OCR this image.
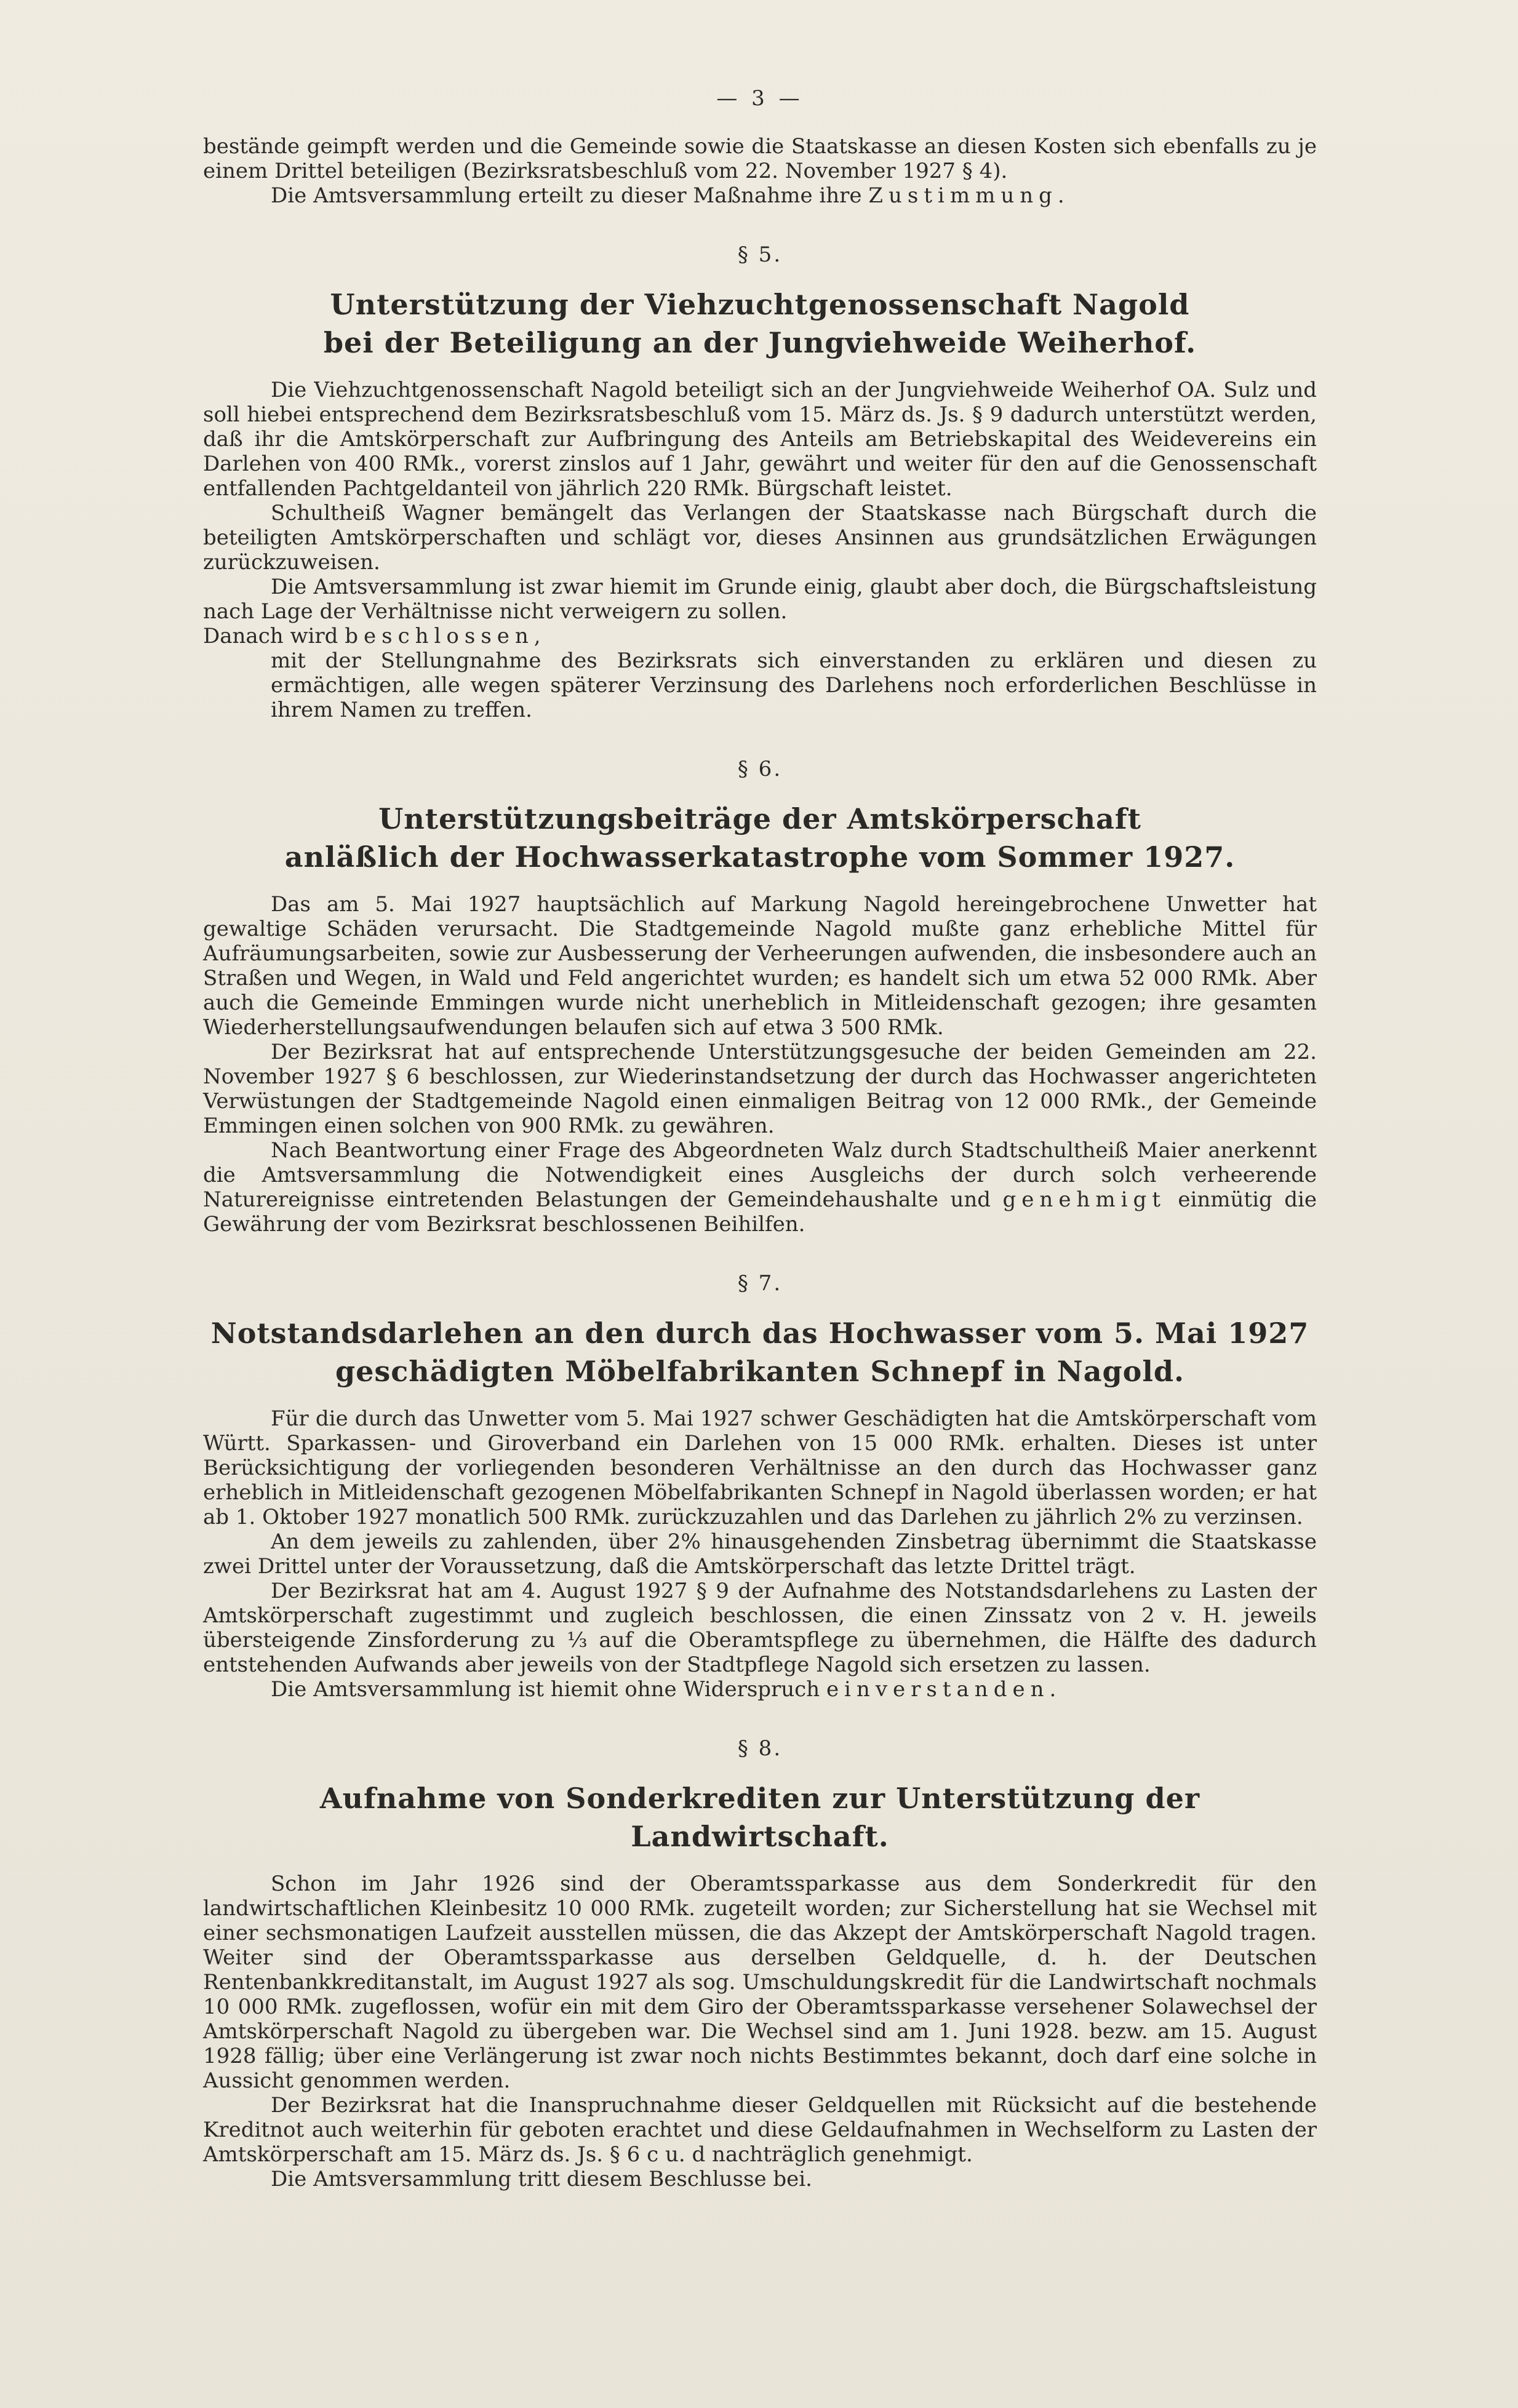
— 3 —

bestände geimpft werden und die Gemeinde sowie die Staatskasse an diesen Kosten sich ebenfalls zu je einem Drittel beteiligen (Bezirksratsbeschluß vom 22. November 1927 § 4).

Die Amtsversammlung erteilt zu dieser Maßnahme ihre Zustimmung.

§ 5.
Unterstützung der Viehzuchtgenossenschaft Nagold
bei der Beteiligung an der Jungviehweide Weiherhof.

Die Viehzuchtgenossenschaft Nagold beteiligt sich an der Jungviehweide Weiherhof OA. Sulz und soll hiebei entsprechend dem Bezirksratsbeschluß vom 15. März ds. Js. § 9 dadurch unterstützt werden, daß ihr die Amtskörperschaft zur Aufbringung des Anteils am Betriebskapital des Weidevereins ein Darlehen von 400 RMk., vorerst zinslos auf 1 Jahr, gewährt und weiter für den auf die Genossenschaft entfallenden Pachtgeldanteil von jährlich 220 RMk. Bürgschaft leistet.

Schultheiß Wagner bemängelt das Verlangen der Staatskasse nach Bürgschaft durch die beteiligten Amtskörperschaften und schlägt vor, dieses Ansinnen aus grundsätzlichen Erwägungen zurückzuweisen.

Die Amtsversammlung ist zwar hiemit im Grunde einig, glaubt aber doch, die Bürgschaftsleistung nach Lage der Verhältnisse nicht verweigern zu sollen.

Danach wird beschlossen,

mit der Stellungnahme des Bezirksrats sich einverstanden zu erklären und diesen zu ermächtigen, alle wegen späterer Verzinsung des Darlehens noch erforderlichen Beschlüsse in ihrem Namen zu treffen.

§ 6.
Unterstützungsbeiträge der Amtskörperschaft
anläßlich der Hochwasserkatastrophe vom Sommer 1927.

Das am 5. Mai 1927 hauptsächlich auf Markung Nagold hereingebrochene Unwetter hat gewaltige Schäden verursacht. Die Stadtgemeinde Nagold mußte ganz erhebliche Mittel für Aufräumungsarbeiten, sowie zur Ausbesserung der Verheerungen aufwenden, die insbesondere auch an Straßen und Wegen, in Wald und Feld angerichtet wurden; es handelt sich um etwa 52 000 RMk. Aber auch die Gemeinde Emmingen wurde nicht unerheblich in Mitleidenschaft gezogen; ihre gesamten Wiederherstellungsaufwendungen belaufen sich auf etwa 3 500 RMk.

Der Bezirksrat hat auf entsprechende Unterstützungsgesuche der beiden Gemeinden am 22. November 1927 § 6 beschlossen, zur Wiederinstandsetzung der durch das Hochwasser angerichteten Verwüstungen der Stadtgemeinde Nagold einen einmaligen Beitrag von 12 000 RMk., der Gemeinde Emmingen einen solchen von 900 RMk. zu gewähren.

Nach Beantwortung einer Frage des Abgeordneten Walz durch Stadtschultheiß Maier anerkennt die Amtsversammlung die Notwendigkeit eines Ausgleichs der durch solch verheerende Naturereignisse eintretenden Belastungen der Gemeindehaushalte und genehmigt einmütig die Gewährung der vom Bezirksrat beschlossenen Beihilfen.

§ 7.
Notstandsdarlehen an den durch das Hochwasser vom 5. Mai 1927
geschädigten Möbelfabrikanten Schnepf in Nagold.

Für die durch das Unwetter vom 5. Mai 1927 schwer Geschädigten hat die Amtskörperschaft vom Württ. Sparkassen- und Giroverband ein Darlehen von 15 000 RMk. erhalten. Dieses ist unter Berücksichtigung der vorliegenden besonderen Verhältnisse an den durch das Hochwasser ganz erheblich in Mitleidenschaft gezogenen Möbelfabrikanten Schnepf in Nagold überlassen worden; er hat ab 1. Oktober 1927 monatlich 500 RMk. zurückzuzahlen und das Darlehen zu jährlich 2% zu verzinsen.

An dem jeweils zu zahlenden, über 2% hinausgehenden Zinsbetrag übernimmt die Staatskasse zwei Drittel unter der Voraussetzung, daß die Amtskörperschaft das letzte Drittel trägt.

Der Bezirksrat hat am 4. August 1927 § 9 der Aufnahme des Notstandsdarlehens zu Lasten der Amtskörperschaft zugestimmt und zugleich beschlossen, die einen Zinssatz von 2 v. H. jeweils übersteigende Zinsforderung zu ⅓ auf die Oberamtspflege zu übernehmen, die Hälfte des dadurch entstehenden Aufwands aber jeweils von der Stadtpflege Nagold sich ersetzen zu lassen.

Die Amtsversammlung ist hiemit ohne Widerspruch einverstanden.

§ 8.
Aufnahme von Sonderkrediten zur Unterstützung der Landwirtschaft.

Schon im Jahr 1926 sind der Oberamtssparkasse aus dem Sonderkredit für den landwirtschaftlichen Kleinbesitz 10 000 RMk. zugeteilt worden; zur Sicherstellung hat sie Wechsel mit einer sechsmonatigen Laufzeit ausstellen müssen, die das Akzept der Amtskörperschaft Nagold tragen. Weiter sind der Oberamtssparkasse aus derselben Geldquelle, d. h. der Deutschen Rentenbankkreditanstalt, im August 1927 als sog. Umschuldungskredit für die Landwirtschaft nochmals 10 000 RMk. zugeflossen, wofür ein mit dem Giro der Oberamtssparkasse versehener Solawechsel der Amtskörperschaft Nagold zu übergeben war. Die Wechsel sind am 1. Juni 1928. bezw. am 15. August 1928 fällig; über eine Verlängerung ist zwar noch nichts Bestimmtes bekannt, doch darf eine solche in Aussicht genommen werden.

Der Bezirksrat hat die Inanspruchnahme dieser Geldquellen mit Rücksicht auf die bestehende Kreditnot auch weiterhin für geboten erachtet und diese Geldaufnahmen in Wechselform zu Lasten der Amtskörperschaft am 15. März ds. Js. § 6 c u. d nachträglich genehmigt.

Die Amtsversammlung tritt diesem Beschlusse bei.
